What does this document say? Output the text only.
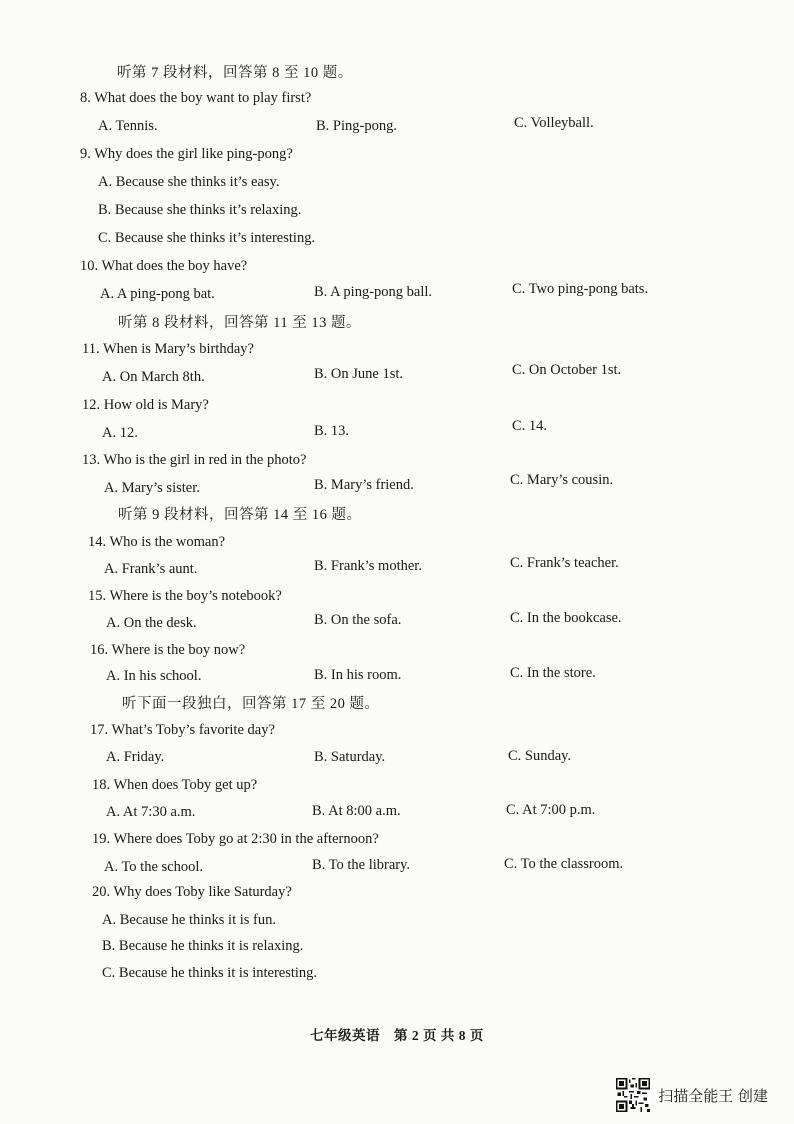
听第 7 段材料，回答第 8 至 10 题。
8. What does the boy want to play first?
A. Tennis.	B. Ping-pong.	C. Volleyball.
9. Why does the girl like ping-pong?
A. Because she thinks it’s easy.
B. Because she thinks it’s relaxing.
C. Because she thinks it’s interesting.
10. What does the boy have?
A. A ping-pong bat.	B. A ping-pong ball.	C. Two ping-pong bats.
听第 8 段材料，回答第 11 至 13 题。
11. When is Mary’s birthday?
A. On March 8th.	B. On June 1st.	C. On October 1st.
12. How old is Mary?
A. 12.	B. 13.	C. 14.
13. Who is the girl in red in the photo?
A. Mary’s sister.	B. Mary’s friend.	C. Mary’s cousin.
听第 9 段材料，回答第 14 至 16 题。
14. Who is the woman?
A. Frank’s aunt.	B. Frank’s mother.	C. Frank’s teacher.
15. Where is the boy’s notebook?
A. On the desk.	B. On the sofa.	C. In the bookcase.
16. Where is the boy now?
A. In his school.	B. In his room.	C. In the store.
听下面一段独白，回答第 17 至 20 题。
17. What’s Toby’s favorite day?
A. Friday.	B. Saturday.	C. Sunday.
18. When does Toby get up?
A. At 7:30 a.m.	B. At 8:00 a.m.	C. At 7:00 p.m.
19. Where does Toby go at 2:30 in the afternoon?
A. To the school.	B. To the library.	C. To the classroom.
20. Why does Toby like Saturday?
A. Because he thinks it is fun.
B. Because he thinks it is relaxing.
C. Because he thinks it is interesting.
七年级英语　第 2 页 共 8 页
扫描全能王 创建
